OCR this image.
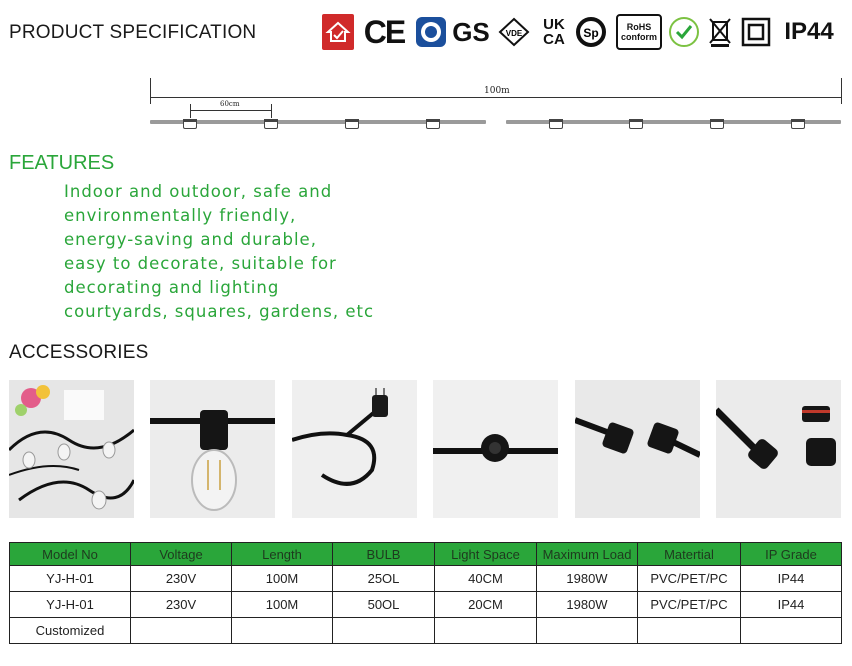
PRODUCT SPECIFICATION	CE GS VDE
UK CA	Sp	RoHS conform	IP44
100m
60cm
FEATURES
Indoor and outdoor, safe and
environmentally friendly,
energy-saving and durable,
easy to decorate, suitable for
decorating and lighting
courtyards, squares, gardens, etc
ACCESSORIES
Model No	Voltage	Length	BULB	Light Space	Maximum Load	Matertial	IP Grade
YJ-H-01	230V	100M	25OL	40CM	1980W	PVC/PET/PC	IP44
YJ-H-01	230V	100M	50OL	20CM	1980W	PVC/PET/PC	IP44
Customized							
